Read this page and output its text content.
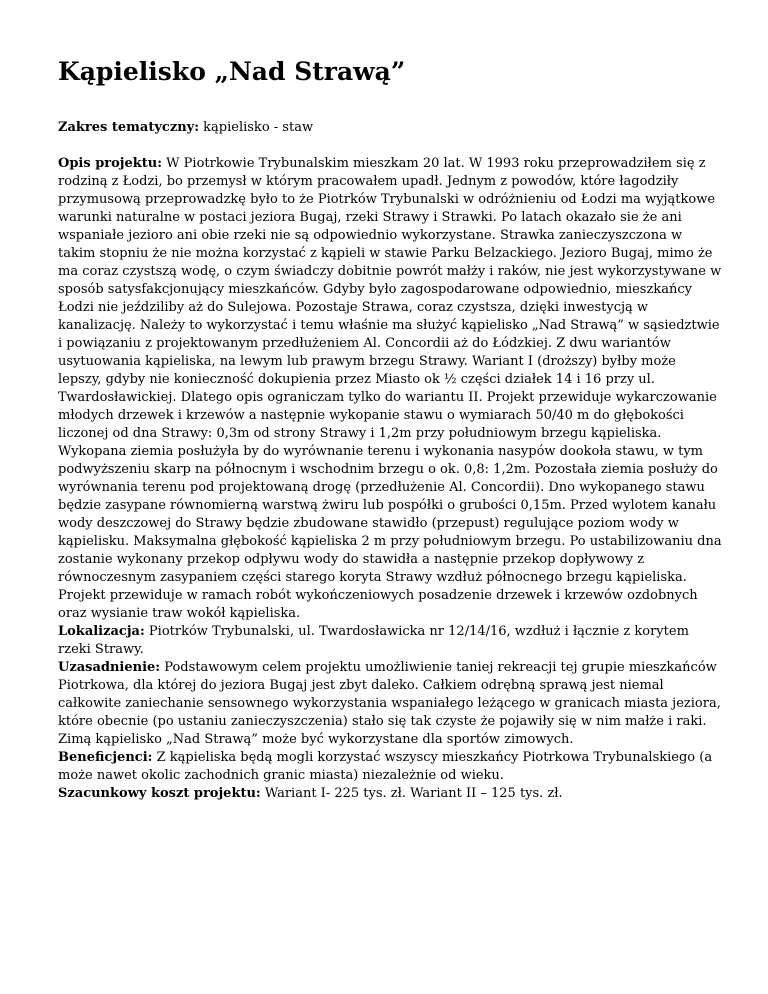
Kąpielisko „Nad Strawą”

Zakres tematyczny: kąpielisko - staw

Opis projektu: W Piotrkowie Trybunalskim mieszkam 20 lat. W 1993 roku przeprowadziłem się z rodziną z Łodzi, bo przemysł w którym pracowałem upadł. Jednym z powodów, które łagodziły przymusową przeprowadzkę było to że Piotrków Trybunalski w odróżnieniu od Łodzi ma wyjątkowe warunki naturalne w postaci jeziora Bugaj, rzeki Strawy i Strawki. Po latach okazało sie że ani wspaniałe jezioro ani obie rzeki nie są odpowiednio wykorzystane. Strawka zanieczyszczona w takim stopniu że nie można korzystać z kąpieli w stawie Parku Belzackiego. Jezioro Bugaj, mimo że ma coraz czystszą wodę, o czym świadczy dobitnie powrót małży i raków, nie jest wykorzystywane w sposób satysfakcjonujący mieszkańców. Gdyby było zagospodarowane odpowiednio, mieszkańcy Łodzi nie jeździliby aż do Sulejowa. Pozostaje Strawa, coraz czystsza, dzięki inwestycją w kanalizację. Należy to wykorzystać i temu właśnie ma służyć kąpielisko „Nad Strawą” w sąsiedztwie i powiązaniu z projektowanym przedłużeniem Al. Concordii aż do Łódzkiej. Z dwu wariantów usytuowania kąpieliska, na lewym lub prawym brzegu Strawy. Wariant I (droższy) byłby może lepszy, gdyby nie konieczność dokupienia przez Miasto ok ½ części działek 14 i 16 przy ul. Twardosławickiej. Dlatego opis ograniczam tylko do wariantu II. Projekt przewiduje wykarczowanie młodych drzewek i krzewów a następnie wykopanie stawu o wymiarach 50/40 m do głębokości liczonej od dna Strawy: 0,3m od strony Strawy i 1,2m przy południowym brzegu kąpieliska. Wykopana ziemia posłużyła by do wyrównanie terenu i wykonania nasypów dookoła stawu, w tym podwyższeniu skarp na północnym i wschodnim brzegu o ok. 0,8: 1,2m. Pozostała ziemia posłuży do wyrównania terenu pod projektowaną drogę (przedłużenie Al. Concordii). Dno wykopanego stawu będzie zasypane równomierną warstwą żwiru lub pospółki o grubości 0,15m. Przed wylotem kanału wody deszczowej do Strawy będzie zbudowane stawidło (przepust) regulujące poziom wody w kąpielisku. Maksymalna głębokość kąpieliska 2 m przy południowym brzegu. Po ustabilizowaniu dna zostanie wykonany przekop odpływu wody do stawidła a następnie przekop dopływowy z równoczesnym zasypaniem części starego koryta Strawy wzdłuż północnego brzegu kąpieliska. Projekt przewiduje w ramach robót wykończeniowych posadzenie drzewek i krzewów ozdobnych oraz wysianie traw wokół kąpieliska.

Lokalizacja: Piotrków Trybunalski, ul. Twardosławicka nr 12/14/16, wzdłuż i łącznie z korytem rzeki Strawy.

Uzasadnienie: Podstawowym celem projektu umożliwienie taniej rekreacji tej grupie mieszkańców Piotrkowa, dla której do jeziora Bugaj jest zbyt daleko. Całkiem odrębną sprawą jest niemal całkowite zaniechanie sensownego wykorzystania wspaniałego leżącego w granicach miasta jeziora, które obecnie (po ustaniu zanieczyszczenia) stało się tak czyste że pojawiły się w nim małże i raki. Zimą kąpielisko „Nad Strawą” może być wykorzystane dla sportów zimowych.

Beneficjenci: Z kąpieliska będą mogli korzystać wszyscy mieszkańcy Piotrkowa Trybunalskiego (a może nawet okolic zachodnich granic miasta) niezależnie od wieku.

Szacunkowy koszt projektu: Wariant I- 225 tys. zł. Wariant II – 125 tys. zł.
